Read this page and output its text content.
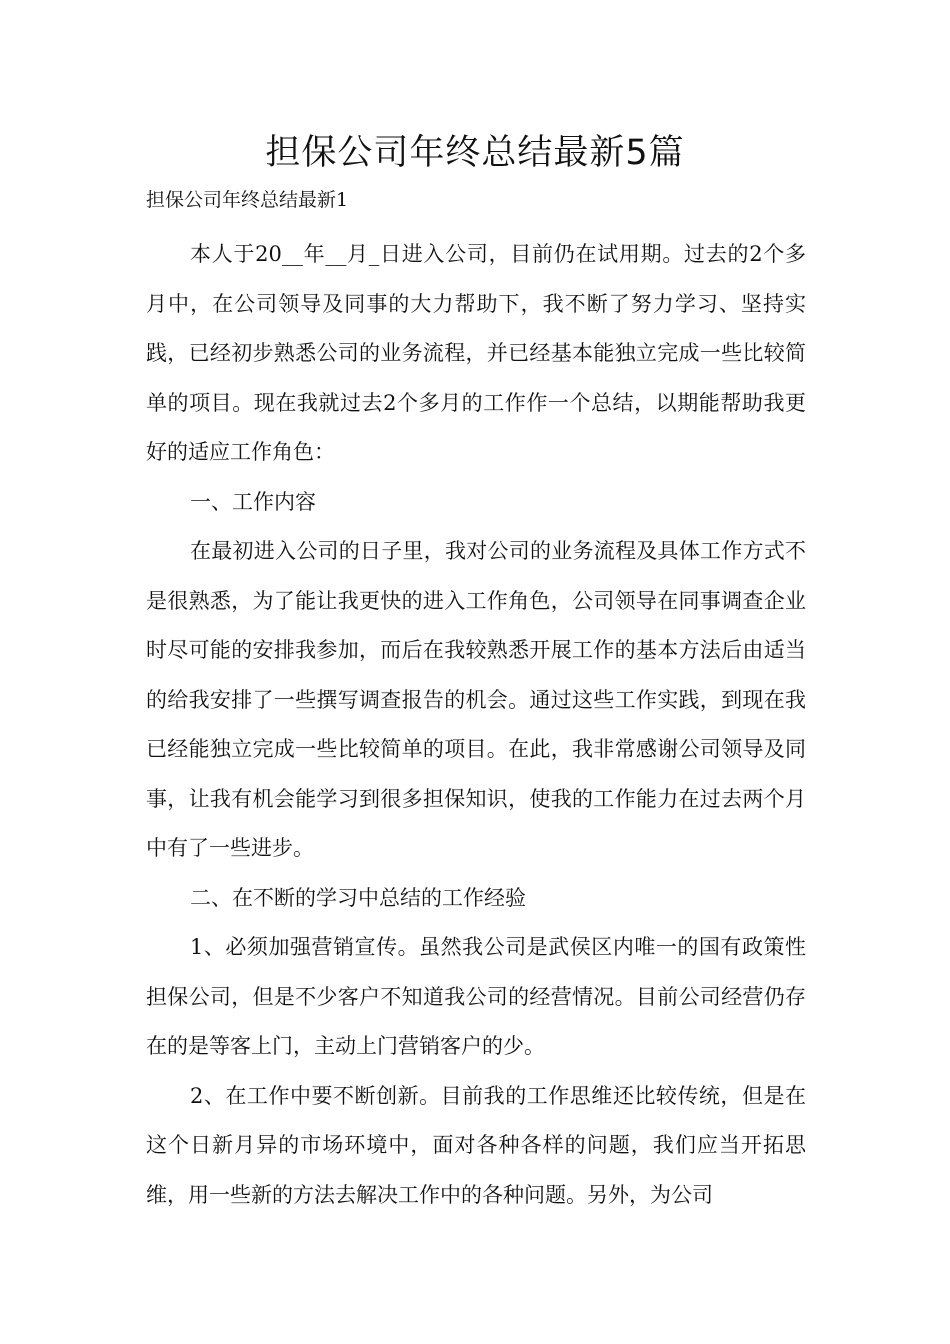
担保公司年终总结最新5篇

担保公司年终总结最新1

本人于20__年__月_日进入公司，目前仍在试用期。过去的2个多月中，在公司领导及同事的大力帮助下，我不断了努力学习、坚持实践，已经初步熟悉公司的业务流程，并已经基本能独立完成一些比较简单的项目。现在我就过去2个多月的工作作一个总结，以期能帮助我更好的适应工作角色：

一、工作内容

在最初进入公司的日子里，我对公司的业务流程及具体工作方式不是很熟悉，为了能让我更快的进入工作角色，公司领导在同事调查企业时尽可能的安排我参加，而后在我较熟悉开展工作的基本方法后由适当的给我安排了一些撰写调查报告的机会。通过这些工作实践，到现在我已经能独立完成一些比较简单的项目。在此，我非常感谢公司领导及同事，让我有机会能学习到很多担保知识，使我的工作能力在过去两个月中有了一些进步。

二、在不断的学习中总结的工作经验

1、必须加强营销宣传。虽然我公司是武侯区内唯一的国有政策性担保公司，但是不少客户不知道我公司的经营情况。目前公司经营仍存在的是等客上门，主动上门营销客户的少。

2、在工作中要不断创新。目前我的工作思维还比较传统，但是在这个日新月异的市场环境中，面对各种各样的问题，我们应当开拓思维，用一些新的方法去解决工作中的各种问题。另外，为公司
